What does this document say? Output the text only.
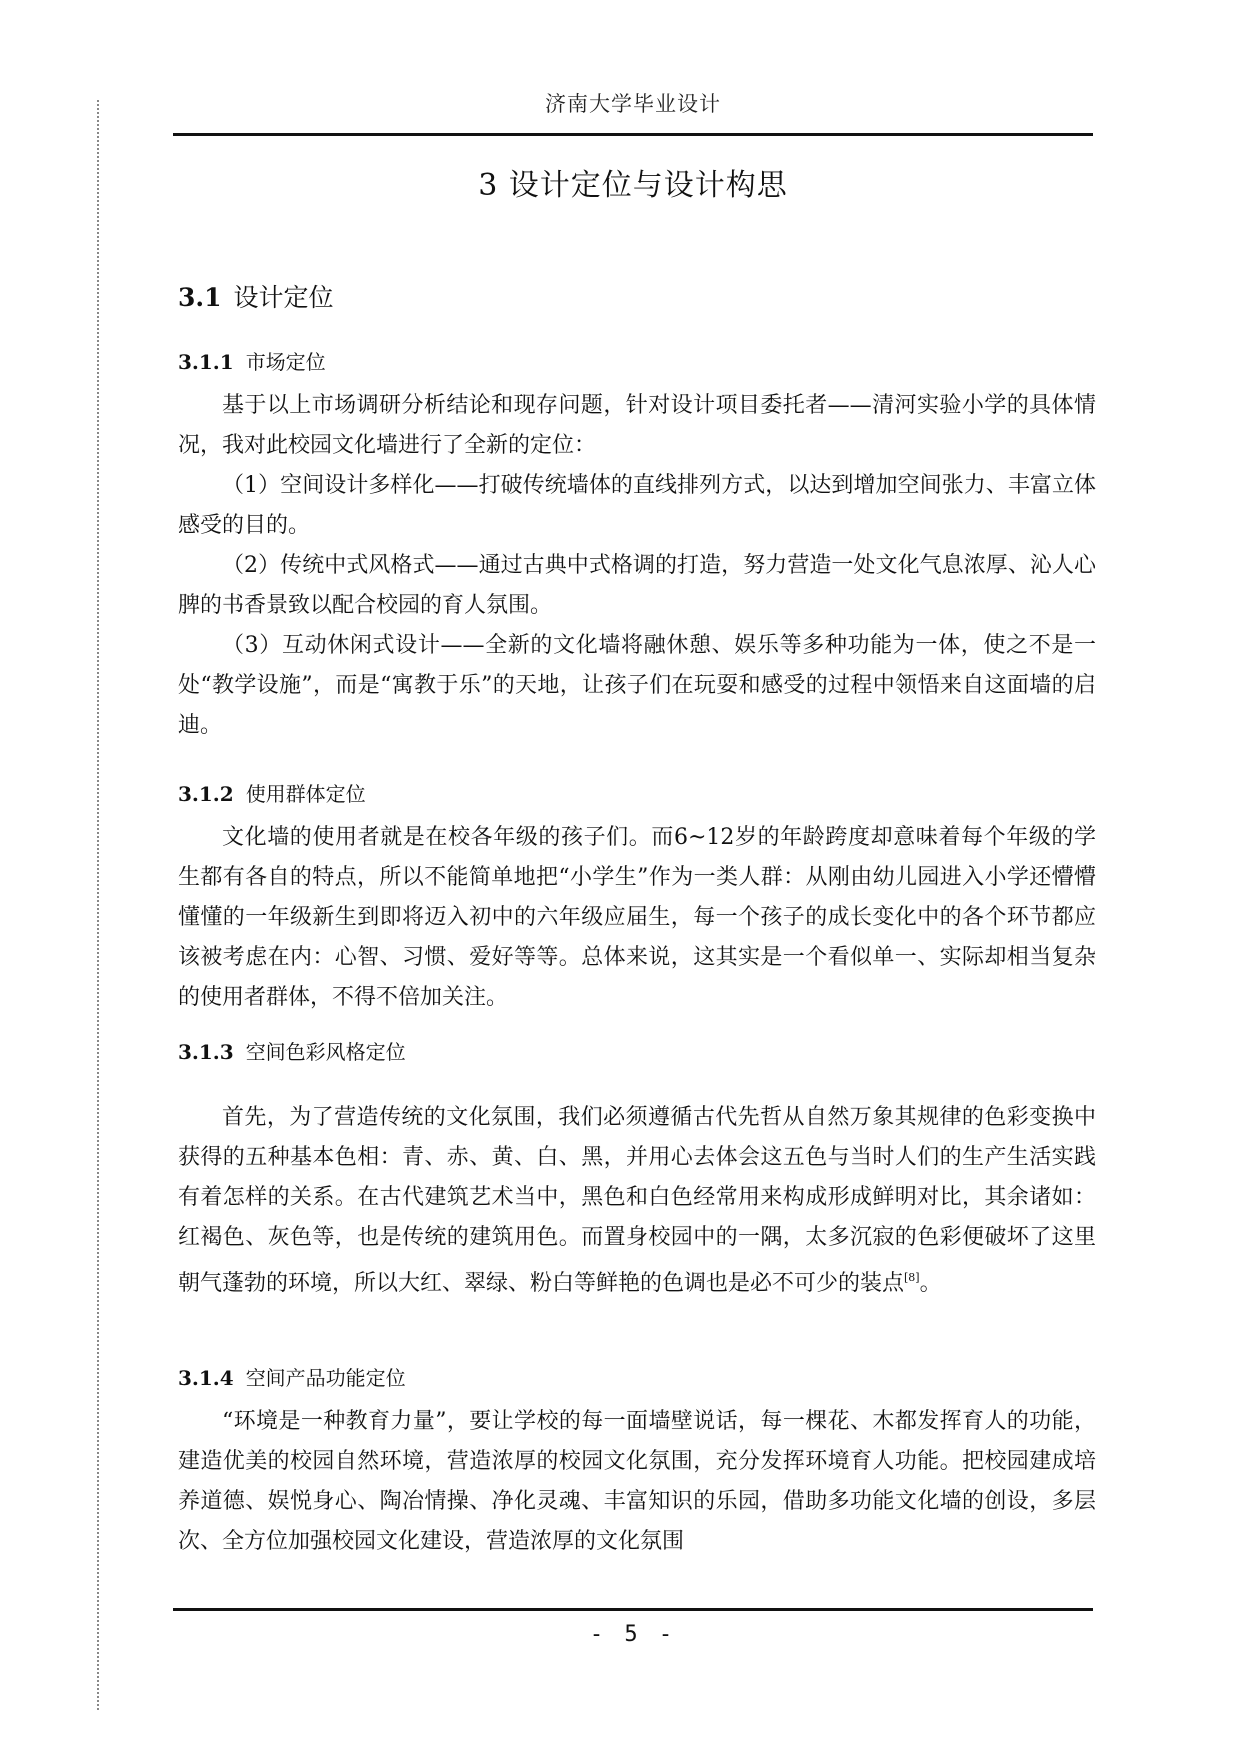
济南大学毕业设计
3 设计定位与设计构思
3.1 设计定位
3.1.1 市场定位

基于以上市场调研分析结论和现存问题，针对设计项目委托者——清河实验小学的具体情况，我对此校园文化墙进行了全新的定位：

（1）空间设计多样化——打破传统墙体的直线排列方式，以达到增加空间张力、丰富立体感受的目的。

（2）传统中式风格式——通过古典中式格调的打造，努力营造一处文化气息浓厚、沁人心脾的书香景致以配合校园的育人氛围。

（3）互动休闲式设计——全新的文化墙将融休憩、娱乐等多种功能为一体，使之不是一处“教学设施”，而是“寓教于乐”的天地，让孩子们在玩耍和感受的过程中领悟来自这面墙的启迪。

3.1.2 使用群体定位

文化墙的使用者就是在校各年级的孩子们。而6~12岁的年龄跨度却意味着每个年级的学生都有各自的特点，所以不能简单地把“小学生”作为一类人群：从刚由幼儿园进入小学还懵懵懂懂的一年级新生到即将迈入初中的六年级应届生，每一个孩子的成长变化中的各个环节都应该被考虑在内：心智、习惯、爱好等等。总体来说，这其实是一个看似单一、实际却相当复杂的使用者群体，不得不倍加关注。

3.1.3 空间色彩风格定位

首先，为了营造传统的文化氛围，我们必须遵循古代先哲从自然万象其规律的色彩变换中获得的五种基本色相：青、赤、黄、白、黑，并用心去体会这五色与当时人们的生产生活实践有着怎样的关系。在古代建筑艺术当中，黑色和白色经常用来构成形成鲜明对比，其余诸如：红褐色、灰色等，也是传统的建筑用色。而置身校园中的一隅，太多沉寂的色彩便破坏了这里朝气蓬勃的环境，所以大红、翠绿、粉白等鲜艳的色调也是必不可少的装点[8]。

3.1.4 空间产品功能定位

“环境是一种教育力量”，要让学校的每一面墙壁说话，每一棵花、木都发挥育人的功能，建造优美的校园自然环境，营造浓厚的校园文化氛围，充分发挥环境育人功能。把校园建成培养道德、娱悦身心、陶冶情操、净化灵魂、丰富知识的乐园，借助多功能文化墙的创设，多层次、全方位加强校园文化建设，营造浓厚的文化氛围

- 5 -
